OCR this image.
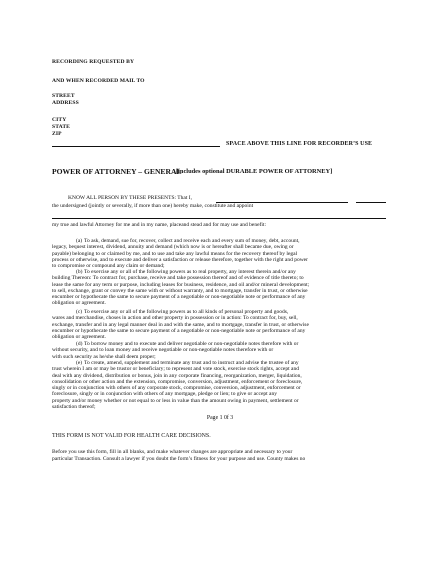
RECORDING REQUESTED BY
AND WHEN RECORDED MAIL TO
STREET
ADDRESS
CITY
STATE
ZIP
SPACE ABOVE THIS LINE FOR RECORDER’S USE
POWER OF ATTORNEY – GENERAL
[includes optional DURABLE POWER OF ATTORNEY]
KNOW ALL PERSON BY THESE PRESENTS: That I,
the undersigned (jointly or severally, if more than one) hereby make, constitute and appoint
my true and lawful Attorney for me and in my name, placeand stead and for may use and benefit:
(a) To ask, demand, sue for, recover, collect and receive each and every sum of money, debt, account,
legacy, bequest interest, dividend, annuity and demand (which now is or hereafter shall became due, owing or
payable) belonging to or claimed by me, and to use and take any lawful means for the recovery thereof by legal
process or otherwise, and to execute and deliver a satisfaction or release therefore, together with the right and power
to compromise or compound any claim or demand;
(b) To exercise any or all of the following powers as to real property, any interest therein and/or any
building Thereon: To contract for, purchase, receive and take possession thereof and of evidence of title thereto; to
lease the same for any term or purpose, including leases for business, residence, and oil and/or mineral development;
to sell, exchange, grant or convey the same with or without warranty, and to mortgage, transfer in trust, or otherwise
encumber or hypothecate the same to secure payment of a negotiable or non-negotiable note or performance of any
obligation or agreement.
(c) To exercise any or all of the following powers as to all kinds of personal property and goods,
wares and merchandise, choses in action and other property in possession or in action: To contract for, buy, sell,
exchange, transfer and in any legal manner deal in and with the same, and to mortgage, transfer in trust, or otherwise
encumber or hypothecate the same to secure payment of a negotiable or non-negotiable note or performance of any
obligation or agreement.
(d) To borrow money and to execute and deliver negotiable or non-negotiable notes therefore with or
without security, and to loan money and receive negotiable or non-negotiable notes therefore with or
with such security as he/she shall deem proper;
(e) To create, amend, supplement and terminate any trust and to instruct and advise the trustee of any
trust wherein I am or may be trustor or beneficiary; to represent and vote stock, exercise stock rights, accept and
deal with any dividend, distribution or bonus, join in any corporate financing, reorganization, merger, liquidation,
consolidation or other action and the extension, compromise, conversion, adjustment, enforcement or foreclosure,
singly or in conjunction with others of any corporate stock, compromise, conversion, adjustment, enforcement or
foreclosure, singly or in conjunction with others of any mortgage, pledge or lien; to give or accept any
property and/or money whether or not equal to or less in value than the amount owing in payment, settlement or
satisfaction thereof;
Page 1 0f 3
THIS FORM IS NOT VALID FOR HEALTH CARE DECISIONS.
Before you use this form, fill in all blanks, and make whatever changes are appropriate and necessary to your
particular Transaction. Consult a lawyer if you doubt the form’s fitness for your purpose and use. County makes no
